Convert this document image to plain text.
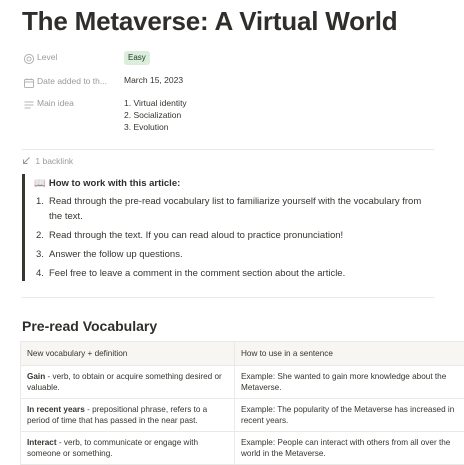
The Metaverse: A Virtual World
Level	Easy
Date added to th...	March 15, 2023
Main idea	1. Virtual identity
2. Socialization
3. Evolution
1 backlink
📖 How to work with this article:
1. Read through the pre-read vocabulary list to familiarize yourself with the vocabulary from the text.
2. Read through the text. If you can read aloud to practice pronunciation!
3. Answer the follow up questions.
4. Feel free to leave a comment in the comment section about the article.
Pre-read Vocabulary
New vocabulary + definition	How to use in a sentence
Gain - verb, to obtain or acquire something desired or valuable.	Example: She wanted to gain more knowledge about the Metaverse.
In recent years - prepositional phrase, refers to a period of time that has passed in the near past.	Example: The popularity of the Metaverse has increased in recent years.
Interact - verb, to communicate or engage with someone or something.	Example: People can interact with others from all over the world in the Metaverse.
